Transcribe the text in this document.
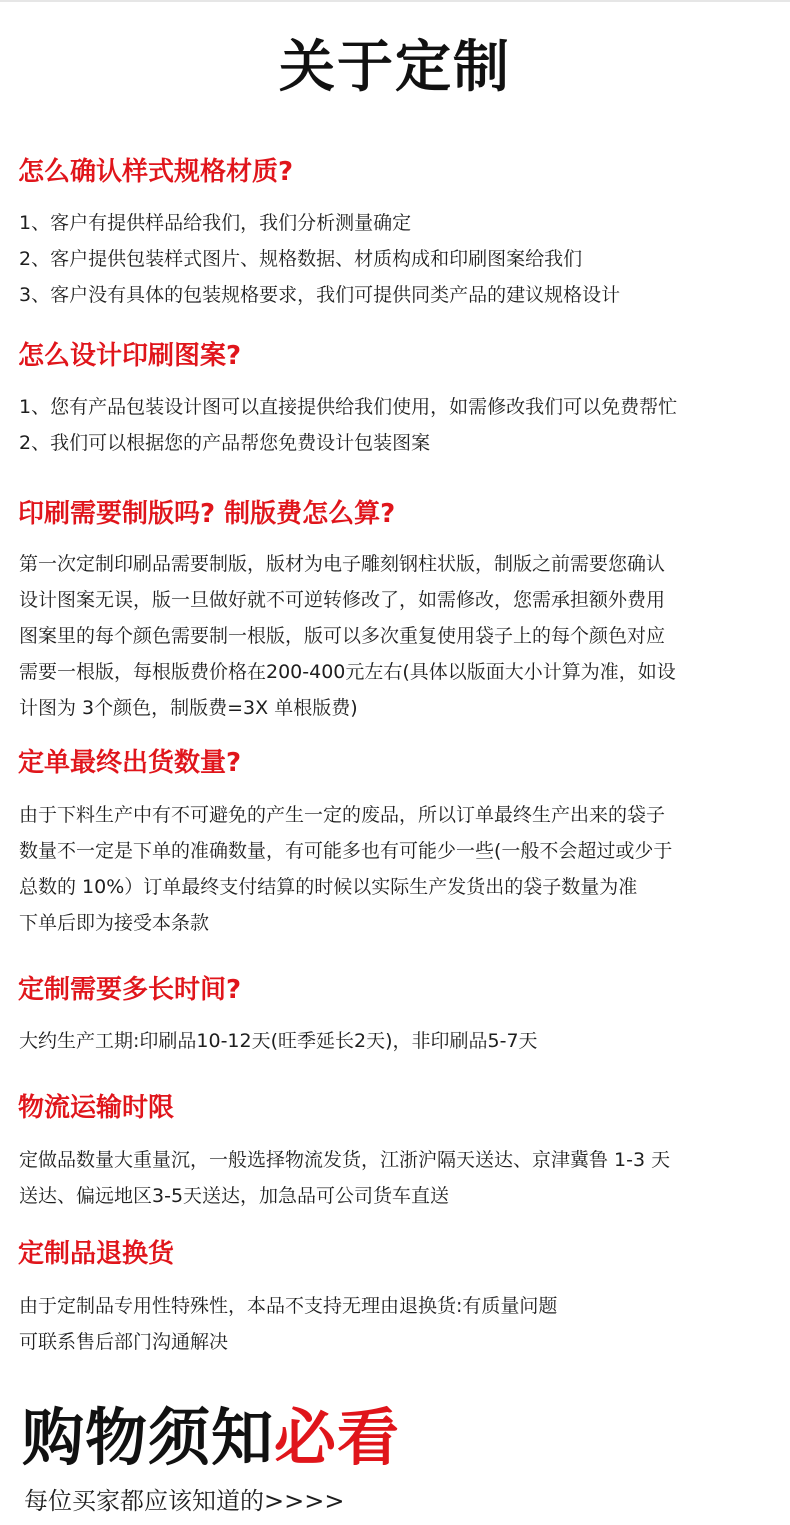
关于定制
怎么确认样式规格材质?
1、客户有提供样品给我们，我们分析测量确定
2、客户提供包装样式图片、规格数据、材质构成和印刷图案给我们
3、客户没有具体的包装规格要求，我们可提供同类产品的建议规格设计
怎么设计印刷图案?
1、您有产品包装设计图可以直接提供给我们使用，如需修改我们可以免费帮忙
2、我们可以根据您的产品帮您免费设计包装图案
印刷需要制版吗? 制版费怎么算?
第一次定制印刷品需要制版，版材为电子雕刻钢柱状版，制版之前需要您确认
设计图案无误，版一旦做好就不可逆转修改了，如需修改，您需承担额外费用
图案里的每个颜色需要制一根版，版可以多次重复使用袋子上的每个颜色对应
需要一根版，每根版费价格在200-400元左右(具体以版面大小计算为准，如设
计图为 3个颜色，制版费=3X 单根版费)
定单最终出货数量?
由于下料生产中有不可避免的产生一定的废品，所以订单最终生产出来的袋子
数量不一定是下单的准确数量，有可能多也有可能少一些(一般不会超过或少于
总数的 10%）订单最终支付结算的时候以实际生产发货出的袋子数量为准
下单后即为接受本条款
定制需要多长时间?
大约生产工期:印刷品10-12天(旺季延长2天)，非印刷品5-7天
物流运输时限
定做品数量大重量沉，一般选择物流发货，江浙沪隔天送达、京津冀鲁 1-3 天
送达、偏远地区3-5天送达，加急品可公司货车直送
定制品退换货
由于定制品专用性特殊性，本品不支持无理由退换货:有质量问题
可联系售后部门沟通解决
购物须知必看
每位买家都应该知道的>>>>
